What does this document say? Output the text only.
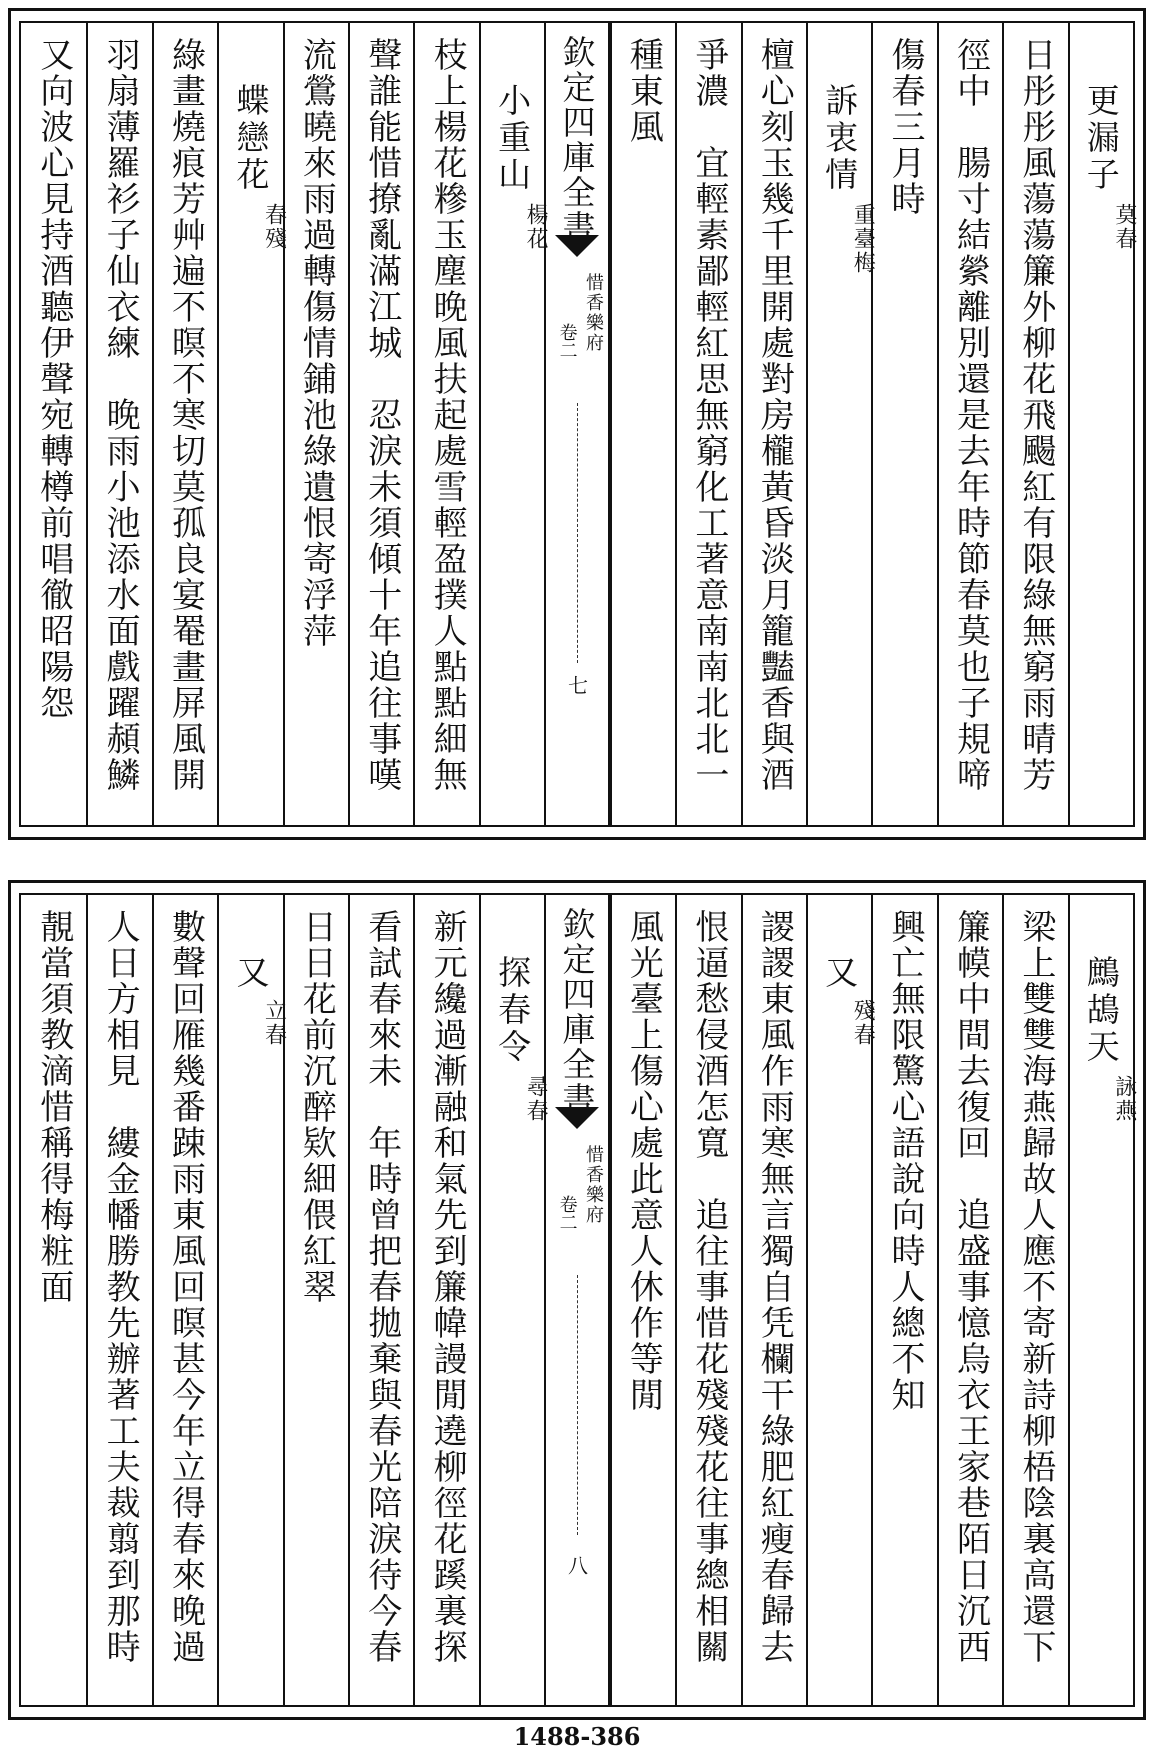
又向波心見持酒聽伊聲宛轉樽前唱徹昭陽怨 羽扇薄羅衫子仙衣練　晚雨小池添水面戲躍頳鱗 綠畫燒痕芳艸遍不暝不寒切莫孤良宴罨畫屏風開 蝶戀花
春殘 流鶯曉來雨過轉傷情鋪池綠遺恨寄浮萍 聲誰能惜撩亂滿江城　忍淚未須傾十年追往事嘆 枝上楊花糝玉塵晚風扶起處雪輕盈撲人點點細無 小重山
楊花 欽定四庫全書
惜香樂府
卷二
七
種東風 爭濃　宜輕素鄙輕紅思無窮化工著意南南北北一 檀心刻玉幾千里開處對房櫳黃昏淡月籠豔香與酒 訴衷情
重臺梅
傷春三月時 徑中　腸寸結縈離別還是去年時節春莫也子規啼 日彤彤風蕩蕩簾外柳花飛颺紅有限綠無窮雨晴芳 更漏子
莫春
靚當須教滴惜稱得梅粧面 人日方相見　縷金幡勝教先辦著工夫裁翦到那時 數聲回雁幾番踈雨東風回暝甚今年立得春來晚過 又
立春 日日花前沉醉欵細偎紅翠 看試春來未　年時曾把春拋棄與春光陪淚待今春 新元纔過漸融和氣先到簾幃謾閒遶柳徑花蹊裏探 探春令
尋春 欽定四庫全書
惜香樂府
卷二
八
風光臺上傷心處此意人休作等閒 恨逼愁侵酒怎寬　追往事惜花殘殘花往事總相關 謖謖東風作雨寒無言獨自凭欄干綠肥紅瘦春歸去 又
殘春 興亡無限驚心語說向時人總不知 簾幙中間去復回　追盛事憶烏衣王家巷陌日沉西 梁上雙雙海燕歸故人應不寄新詩柳梧陰裏高還下 鷓鴣天
詠燕
1488-386
